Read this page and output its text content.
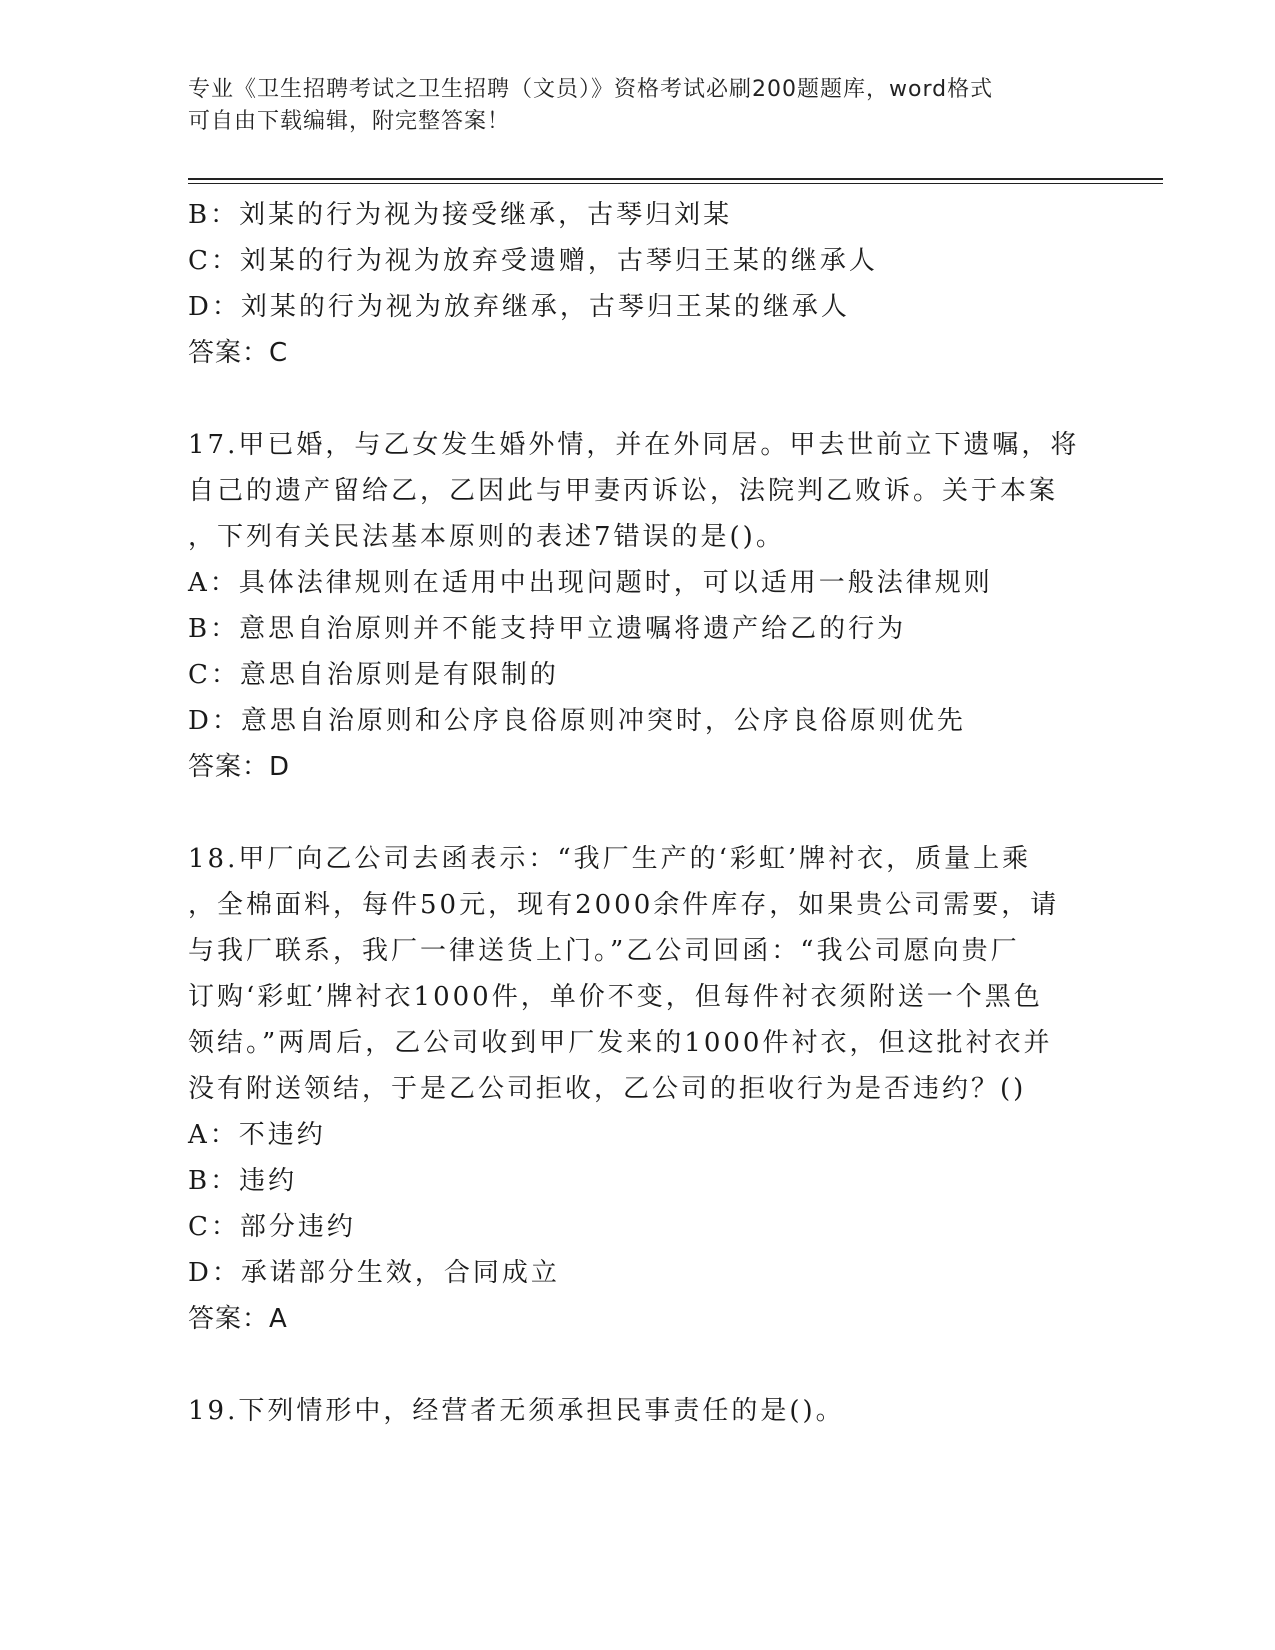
专业《卫生招聘考试之卫生招聘（文员）》资格考试必刷200题题库，word格式
可自由下载编辑，附完整答案！
B：刘某的行为视为接受继承，古琴归刘某
C：刘某的行为视为放弃受遗赠，古琴归王某的继承人
D：刘某的行为视为放弃继承，古琴归王某的继承人
答案：C
17.甲已婚，与乙女发生婚外情，并在外同居。甲去世前立下遗嘱，将
自己的遗产留给乙，乙因此与甲妻丙诉讼，法院判乙败诉。关于本案
，下列有关民法基本原则的表述7错误的是()。
A：具体法律规则在适用中出现问题时，可以适用一般法律规则
B：意思自治原则并不能支持甲立遗嘱将遗产给乙的行为
C：意思自治原则是有限制的
D：意思自治原则和公序良俗原则冲突时，公序良俗原则优先
答案：D
18.甲厂向乙公司去函表示：“我厂生产的‘彩虹’牌衬衣，质量上乘
，全棉面料，每件50元，现有2000余件库存，如果贵公司需要，请
与我厂联系，我厂一律送货上门。”乙公司回函：“我公司愿向贵厂
订购‘彩虹’牌衬衣1000件，单价不变，但每件衬衣须附送一个黑色
领结。”两周后，乙公司收到甲厂发来的1000件衬衣，但这批衬衣并
没有附送领结，于是乙公司拒收，乙公司的拒收行为是否违约？()
A：不违约
B：违约
C：部分违约
D：承诺部分生效，合同成立
答案：A
19.下列情形中，经营者无须承担民事责任的是()。
